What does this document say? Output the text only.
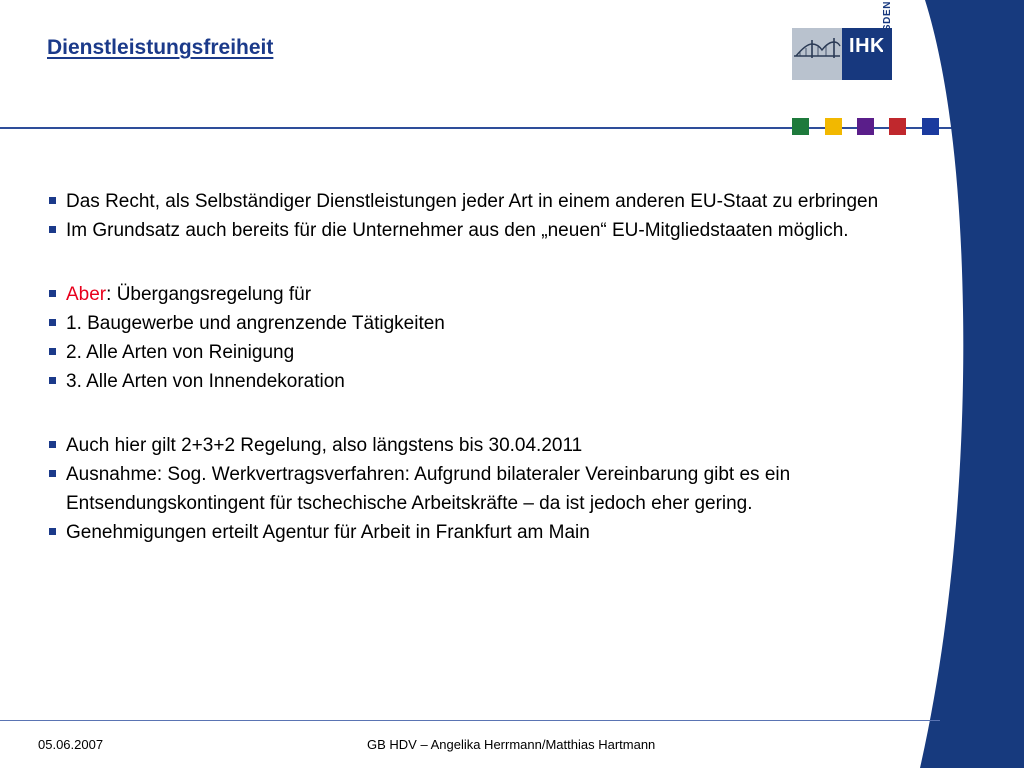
Dienstleistungsfreiheit	IHK
DRESDEN
Das Recht, als Selbständiger Dienstleistungen jeder Art in einem anderen EU-Staat zu erbringen
Im Grundsatz auch bereits für die Unternehmer aus den „neuen“ EU-Mitgliedstaaten möglich.
Aber: Übergangsregelung für
1. Baugewerbe und angrenzende Tätigkeiten
2. Alle Arten von Reinigung
3. Alle Arten von Innendekoration
Auch hier gilt 2+3+2 Regelung, also längstens bis 30.04.2011
Ausnahme: Sog. Werkvertragsverfahren: Aufgrund bilateraler Vereinbarung gibt es ein Entsendungskontingent für tschechische Arbeitskräfte – da ist jedoch eher gering.
Genehmigungen erteilt Agentur für Arbeit in Frankfurt am Main
05.06.2007	GB HDV – Angelika Herrmann/Matthias Hartmann
